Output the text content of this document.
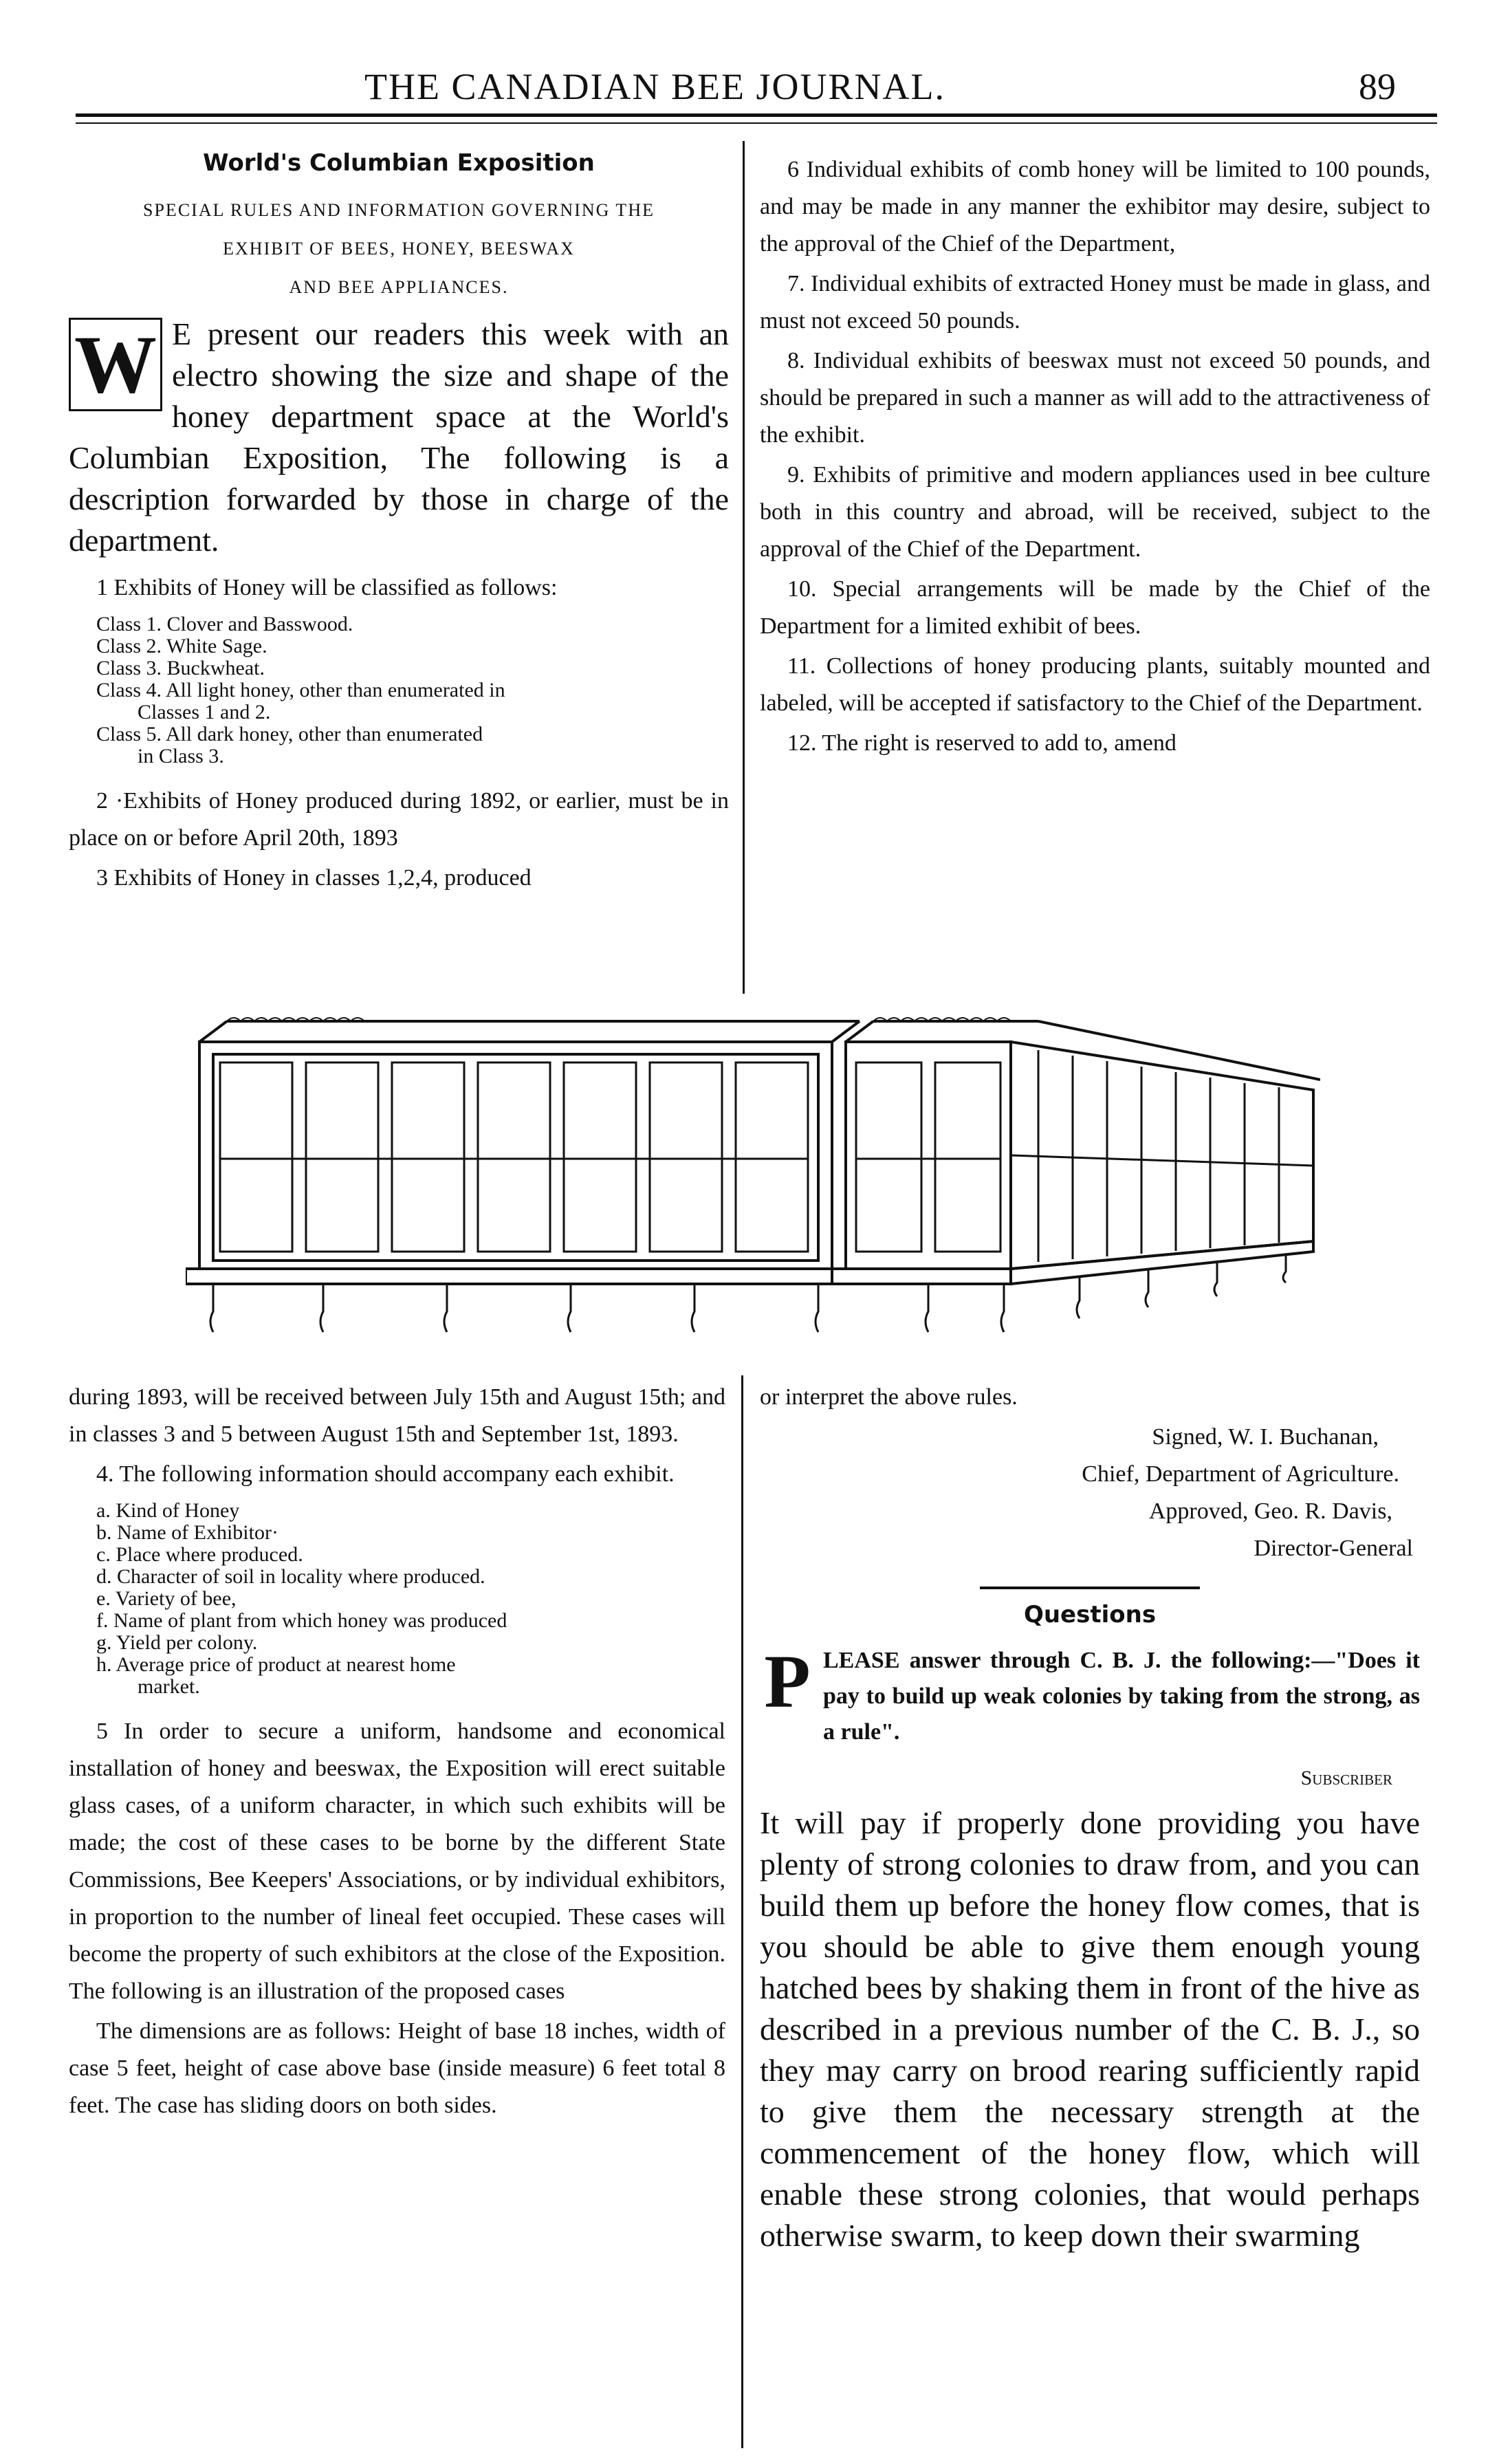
THE CANADIAN BEE JOURNAL.	89
World's Columbian Exposition
SPECIAL RULES AND INFORMATION GOVERNING THE
EXHIBIT OF BEES, HONEY, BEESWAX
AND BEE APPLIANCES.
W E present our readers this week with an electro showing the size and shape of the honey department space at the World's Columbian Exposition, The following is a description forwarded by those in charge of the department.

1 Exhibits of Honey will be classified as follows:

Class 1. Clover and Basswood.
Class 2. White Sage.
Class 3. Buckwheat.
Class 4. All light honey, other than enumerated in
Classes 1 and 2.
Class 5. All dark honey, other than enumerated
in Class 3.

2 ·Exhibits of Honey produced during 1892, or earlier, must be in place on or before April 20th, 1893

3 Exhibits of Honey in classes 1,2,4, produced

6 Individual exhibits of comb honey will be limited to 100 pounds, and may be made in any manner the exhibitor may desire, subject to the approval of the Chief of the Department,

7. Individual exhibits of extracted Honey must be made in glass, and must not exceed 50 pounds.

8. Individual exhibits of beeswax must not exceed 50 pounds, and should be prepared in such a manner as will add to the attractiveness of the exhibit.

9. Exhibits of primitive and modern appliances used in bee culture both in this country and abroad, will be received, subject to the approval of the Chief of the Department.

10. Special arrangements will be made by the Chief of the Department for a limited exhibit of bees.

11. Collections of honey producing plants, suitably mounted and labeled, will be accepted if satisfactory to the Chief of the Department.

12. The right is reserved to add to, amend

during 1893, will be received between July 15th and August 15th; and in classes 3 and 5 between August 15th and September 1st, 1893.

4. The following information should accompany each exhibit.

a. Kind of Honey
b. Name of Exhibitor·
c. Place where produced.
d. Character of soil in locality where produced.
e. Variety of bee,
f. Name of plant from which honey was produced
g. Yield per colony.
h. Average price of product at nearest home
market.

5 In order to secure a uniform, handsome and economical installation of honey and beeswax, the Exposition will erect suitable glass cases, of a uniform character, in which such exhibits will be made; the cost of these cases to be borne by the different State Commissions, Bee Keepers' Associations, or by individual exhibitors, in proportion to the number of lineal feet occupied. These cases will become the property of such exhibitors at the close of the Exposition. The following is an illustration of the proposed cases

The dimensions are as follows: Height of base 18 inches, width of case 5 feet, height of case above base (inside measure) 6 feet total 8 feet. The case has sliding doors on both sides.

or interpret the above rules.

Signed, W. I. Buchanan,
Chief, Department of Agriculture.
Approved, Geo. R. Davis,
Director-General
Questions
P LEASE answer through C. B. J. the following:—"Does it pay to build up weak colonies by taking from the strong, as a rule".
Subscriber
It will pay if properly done providing you have plenty of strong colonies to draw from, and you can build them up before the honey flow comes, that is you should be able to give them enough young hatched bees by shaking them in front of the hive as described in a previous number of the C. B. J., so they may carry on brood rearing sufficiently rapid to give them the necessary strength at the commencement of the honey flow, which will enable these strong colonies, that would perhaps otherwise swarm, to keep down their swarming
